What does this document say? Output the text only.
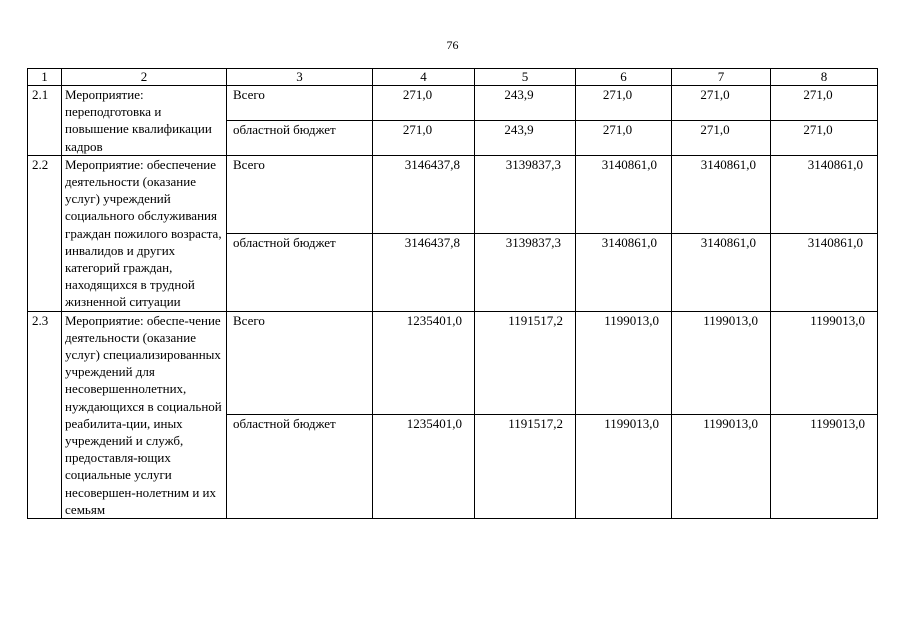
76
1	2	3	4	5	6	7	8
2.1	Мероприятие: переподготовка и повышение квалификации кадров	Всего	271,0	243,9	271,0	271,0	271,0
		областной бюджет	271,0	243,9	271,0	271,0	271,0
2.2	Мероприятие: обеспечение деятельности (оказание услуг) учреждений социального обслуживания граждан пожилого возраста, инвалидов и других категорий граждан, находящихся в трудной жизненной ситуации	Всего	3146437,8	3139837,3	3140861,0	3140861,0	3140861,0
		областной бюджет	3146437,8	3139837,3	3140861,0	3140861,0	3140861,0
2.3	Мероприятие: обеспе-чение деятельности (оказание услуг) специализированных учреждений для несовершеннолетних, нуждающихся в социальной реабилита-ции, иных учреждений и служб, предоставля-ющих социальные услуги несовершен-нолетним и их семьям	Всего	1235401,0	1191517,2	1199013,0	1199013,0	1199013,0
		областной бюджет	1235401,0	1191517,2	1199013,0	1199013,0	1199013,0
